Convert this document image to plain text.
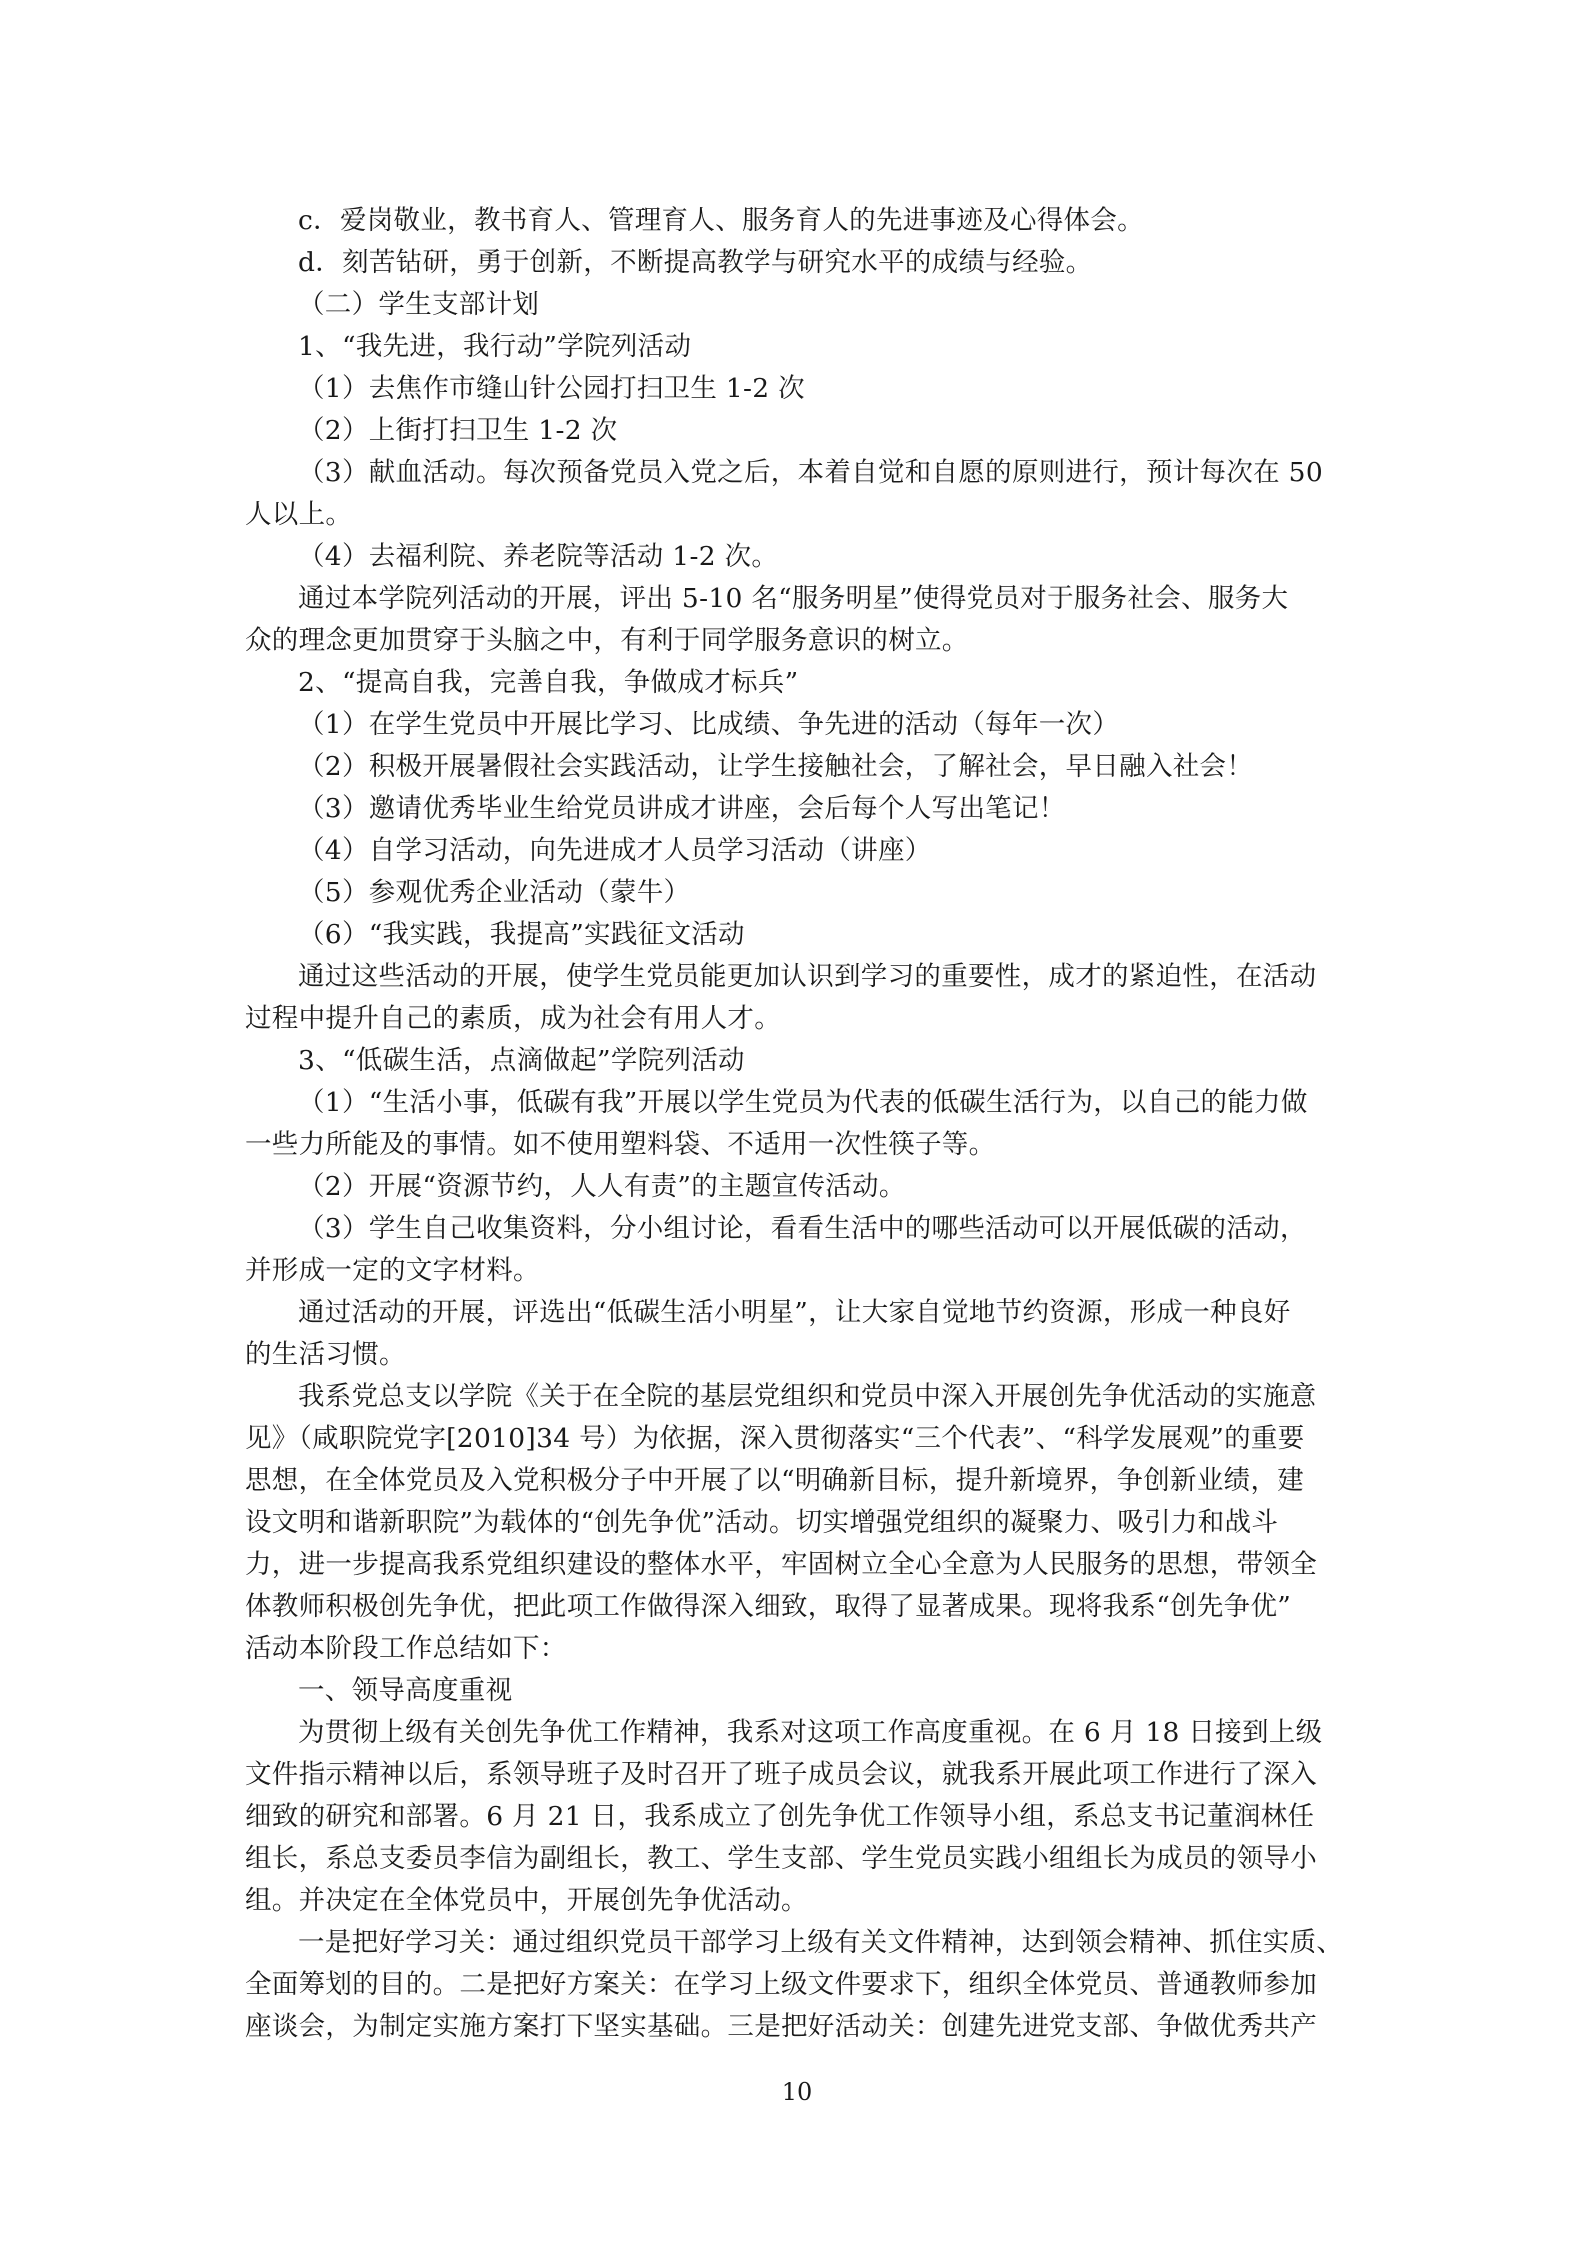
c．爱岗敬业，教书育人、管理育人、服务育人的先进事迹及心得体会。
d．刻苦钻研，勇于创新，不断提高教学与研究水平的成绩与经验。
（二）学生支部计划
1、“我先进，我行动”学院列活动
（1）去焦作市缝山针公园打扫卫生 1-2 次
（2）上街打扫卫生 1-2 次
（3）献血活动。每次预备党员入党之后，本着自觉和自愿的原则进行，预计每次在 50
人以上。
（4）去福利院、养老院等活动 1-2 次。
通过本学院列活动的开展，评出 5-10 名“服务明星”使得党员对于服务社会、服务大
众的理念更加贯穿于头脑之中，有利于同学服务意识的树立。
2、“提高自我，完善自我，争做成才标兵”
（1）在学生党员中开展比学习、比成绩、争先进的活动（每年一次）
（2）积极开展暑假社会实践活动，让学生接触社会，了解社会，早日融入社会！
（3）邀请优秀毕业生给党员讲成才讲座，会后每个人写出笔记！
（4）自学习活动，向先进成才人员学习活动（讲座）
（5）参观优秀企业活动（蒙牛）
（6）“我实践，我提高”实践征文活动
通过这些活动的开展，使学生党员能更加认识到学习的重要性，成才的紧迫性，在活动
过程中提升自己的素质，成为社会有用人才。
3、“低碳生活，点滴做起”学院列活动
（1）“生活小事，低碳有我”开展以学生党员为代表的低碳生活行为，以自己的能力做
一些力所能及的事情。如不使用塑料袋、不适用一次性筷子等。
（2）开展“资源节约，人人有责”的主题宣传活动。
（3）学生自己收集资料，分小组讨论，看看生活中的哪些活动可以开展低碳的活动，
并形成一定的文字材料。
通过活动的开展，评选出“低碳生活小明星”，让大家自觉地节约资源，形成一种良好
的生活习惯。
我系党总支以学院《关于在全院的基层党组织和党员中深入开展创先争优活动的实施意
见》（咸职院党字[2010]34 号）为依据，深入贯彻落实“三个代表”、“科学发展观”的重要
思想，在全体党员及入党积极分子中开展了以“明确新目标，提升新境界，争创新业绩，建
设文明和谐新职院”为载体的“创先争优”活动。切实增强党组织的凝聚力、吸引力和战斗
力，进一步提高我系党组织建设的整体水平，牢固树立全心全意为人民服务的思想，带领全
体教师积极创先争优，把此项工作做得深入细致，取得了显著成果。现将我系“创先争优”
活动本阶段工作总结如下：
一、领导高度重视
为贯彻上级有关创先争优工作精神，我系对这项工作高度重视。在 6 月 18 日接到上级
文件指示精神以后，系领导班子及时召开了班子成员会议，就我系开展此项工作进行了深入
细致的研究和部署。6 月 21 日，我系成立了创先争优工作领导小组，系总支书记董润林任
组长，系总支委员李信为副组长，教工、学生支部、学生党员实践小组组长为成员的领导小
组。并决定在全体党员中，开展创先争优活动。
一是把好学习关：通过组织党员干部学习上级有关文件精神，达到领会精神、抓住实质、
全面筹划的目的。二是把好方案关：在学习上级文件要求下，组织全体党员、普通教师参加
座谈会，为制定实施方案打下坚实基础。三是把好活动关：创建先进党支部、争做优秀共产
10
